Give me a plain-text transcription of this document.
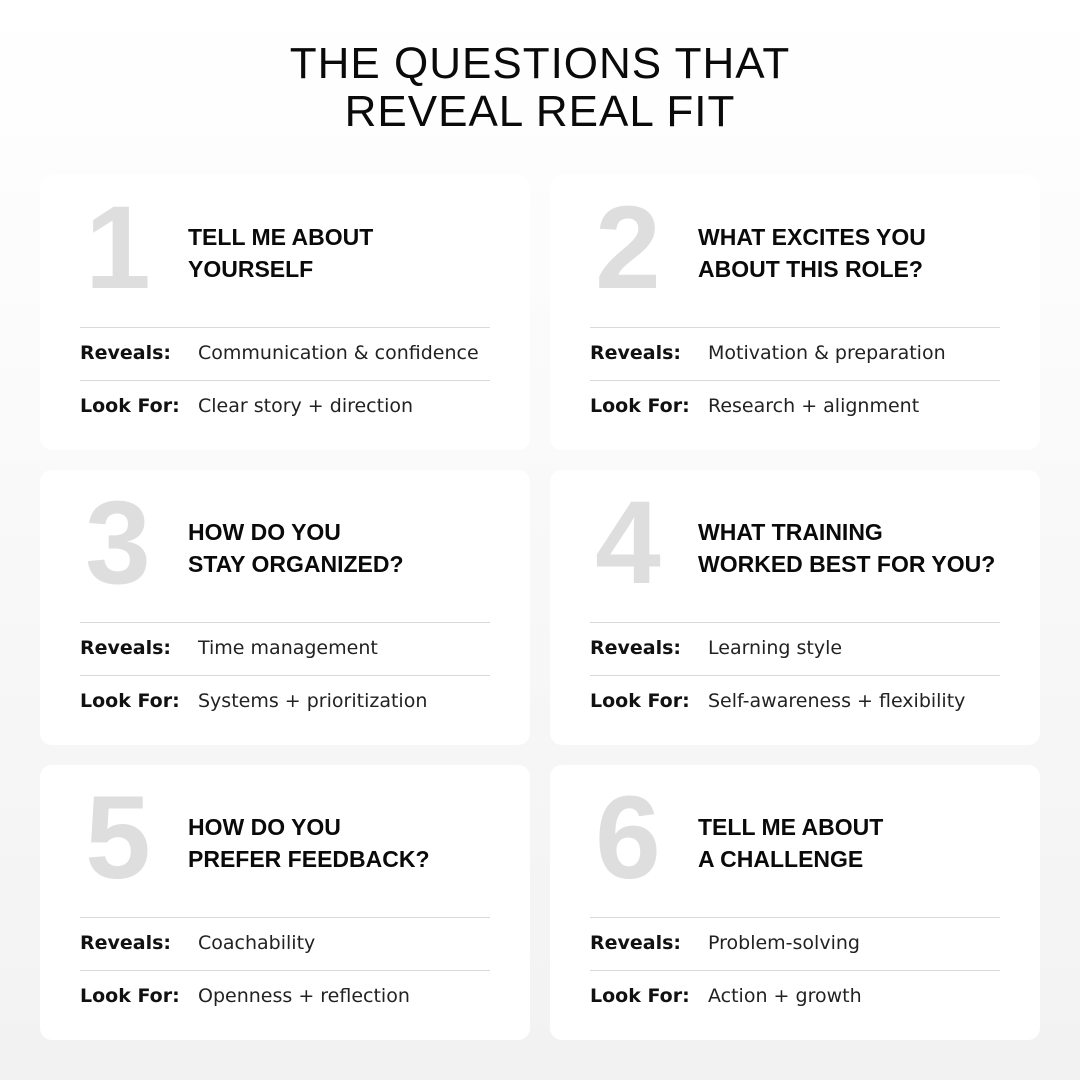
THE QUESTIONS THAT
REVEAL REAL FIT
1	TELL ME ABOUT
YOURSELF
Reveals: Communication & confidence
Look For: Clear story + direction
2	WHAT EXCITES YOU
ABOUT THIS ROLE?
Reveals: Motivation & preparation
Look For: Research + alignment
3	HOW DO YOU
STAY ORGANIZED?
Reveals: Time management
Look For: Systems + prioritization
4	WHAT TRAINING
WORKED BEST FOR YOU?
Reveals: Learning style
Look For: Self-awareness + flexibility
5	HOW DO YOU
PREFER FEEDBACK?
Reveals: Coachability
Look For: Openness + reflection
6	TELL ME ABOUT
A CHALLENGE
Reveals: Problem-solving
Look For: Action + growth
